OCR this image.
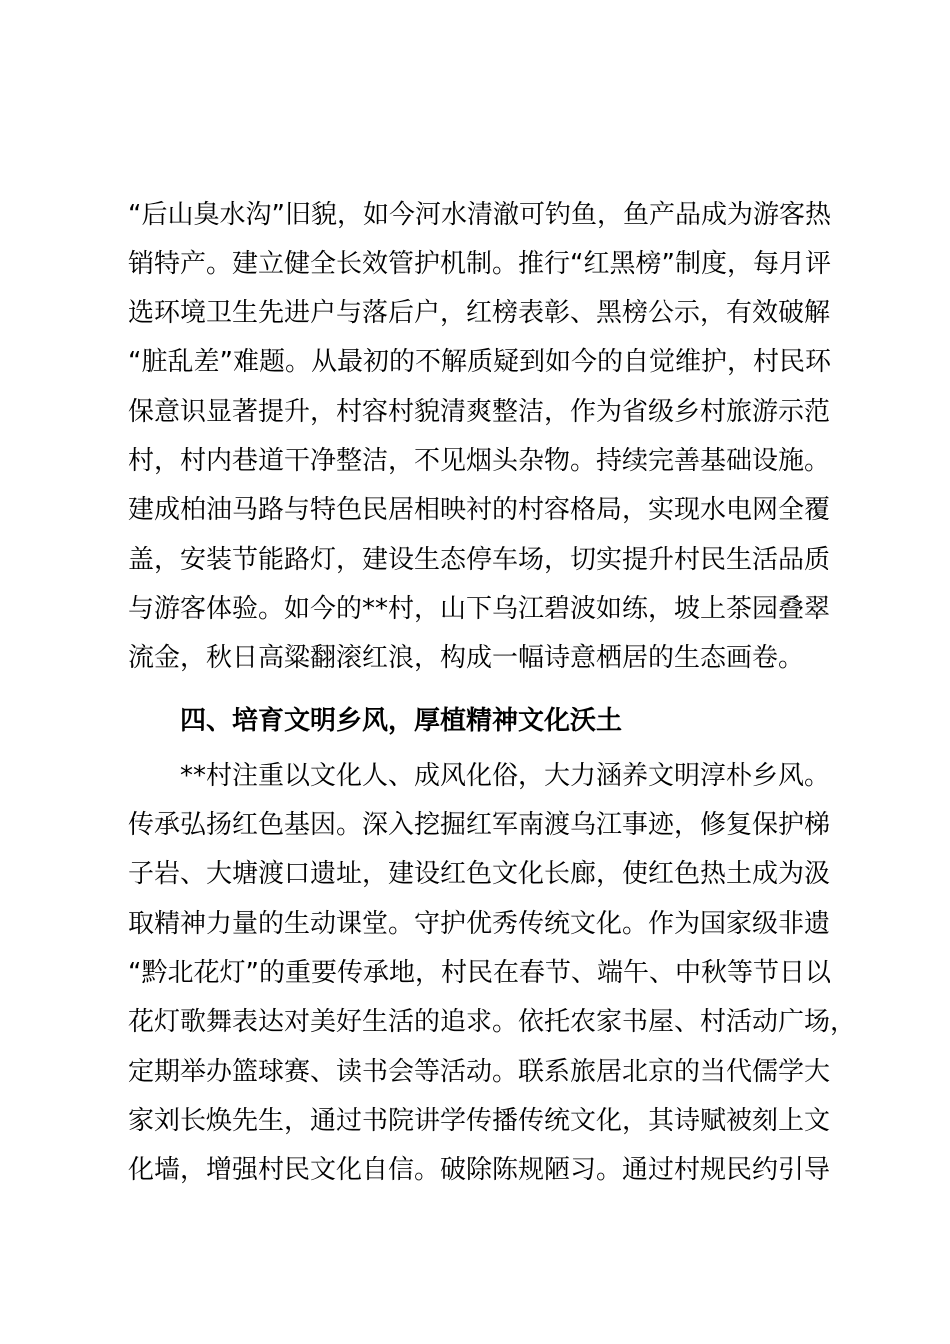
“后山臭水沟”旧貌，如今河水清澈可钓鱼，鱼产品成为游客热
销特产。建立健全长效管护机制。推行“红黑榜”制度，每月评
选环境卫生先进户与落后户，红榜表彰、黑榜公示，有效破解
“脏乱差”难题。从最初的不解质疑到如今的自觉维护，村民环
保意识显著提升，村容村貌清爽整洁，作为省级乡村旅游示范
村，村内巷道干净整洁，不见烟头杂物。持续完善基础设施。
建成柏油马路与特色民居相映衬的村容格局，实现水电网全覆
盖，安装节能路灯，建设生态停车场，切实提升村民生活品质
与游客体验。如今的**村，山下乌江碧波如练，坡上茶园叠翠
流金，秋日高粱翻滚红浪，构成一幅诗意栖居的生态画卷。
四、培育文明乡风，厚植精神文化沃土
**村注重以文化人、成风化俗，大力涵养文明淳朴乡风。
传承弘扬红色基因。深入挖掘红军南渡乌江事迹，修复保护梯
子岩、大塘渡口遗址，建设红色文化长廊，使红色热土成为汲
取精神力量的生动课堂。守护优秀传统文化。作为国家级非遗
“黔北花灯”的重要传承地，村民在春节、端午、中秋等节日以
花灯歌舞表达对美好生活的追求。依托农家书屋、村活动广场，
定期举办篮球赛、读书会等活动。联系旅居北京的当代儒学大
家刘长焕先生，通过书院讲学传播传统文化，其诗赋被刻上文
化墙，增强村民文化自信。破除陈规陋习。通过村规民约引导
